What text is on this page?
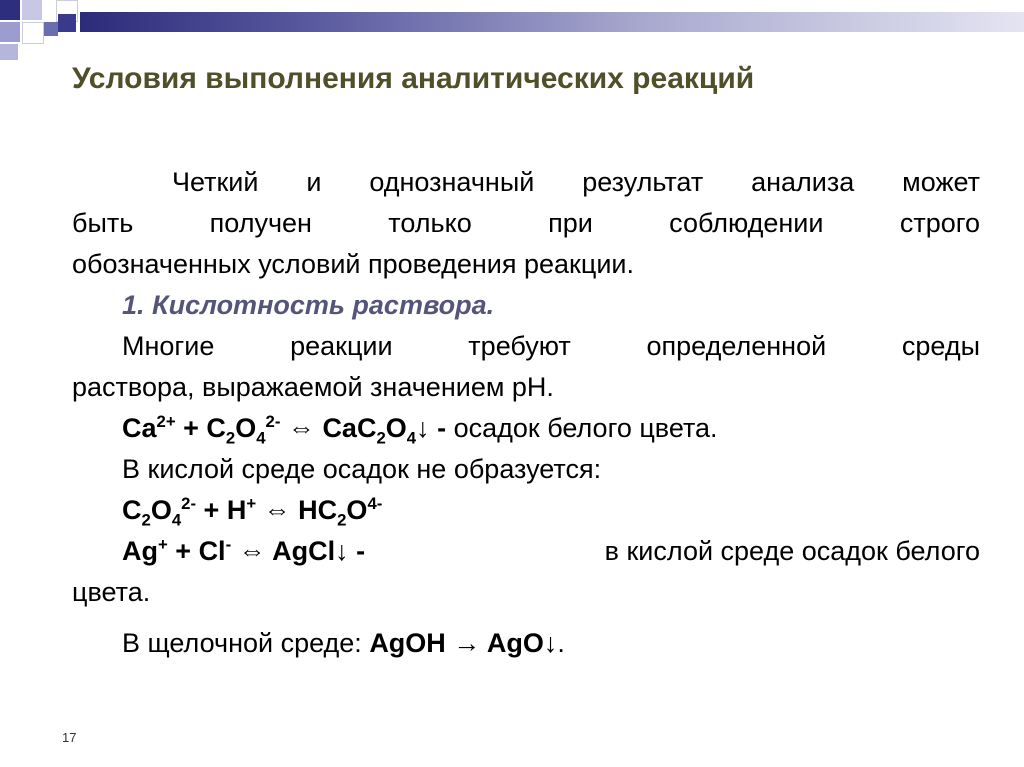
Условия выполнения аналитических реакций
Четкий и однозначный результат анализа может
быть получен только при соблюдении строго
обозначенных условий проведения реакции.
1. Кислотность раствора.
Многие реакции требуют определенной среды
раствора, выражаемой значением pH.
$Ca^{2+} + C_2O_4^{2-}$ ⇔ $CaC_2O_4↓$ - осадок белого цвета.
В кислой среде осадок не образуется:
$C_2O_4^{2-} + H^+$ ⇔ $HC_2O^{4-}$
Ag+ + Cl- ⇔ AgCl↓ -	в кислой среде осадок белого
цвета.
В щелочной среде: AgOH → AgO↓.
17
